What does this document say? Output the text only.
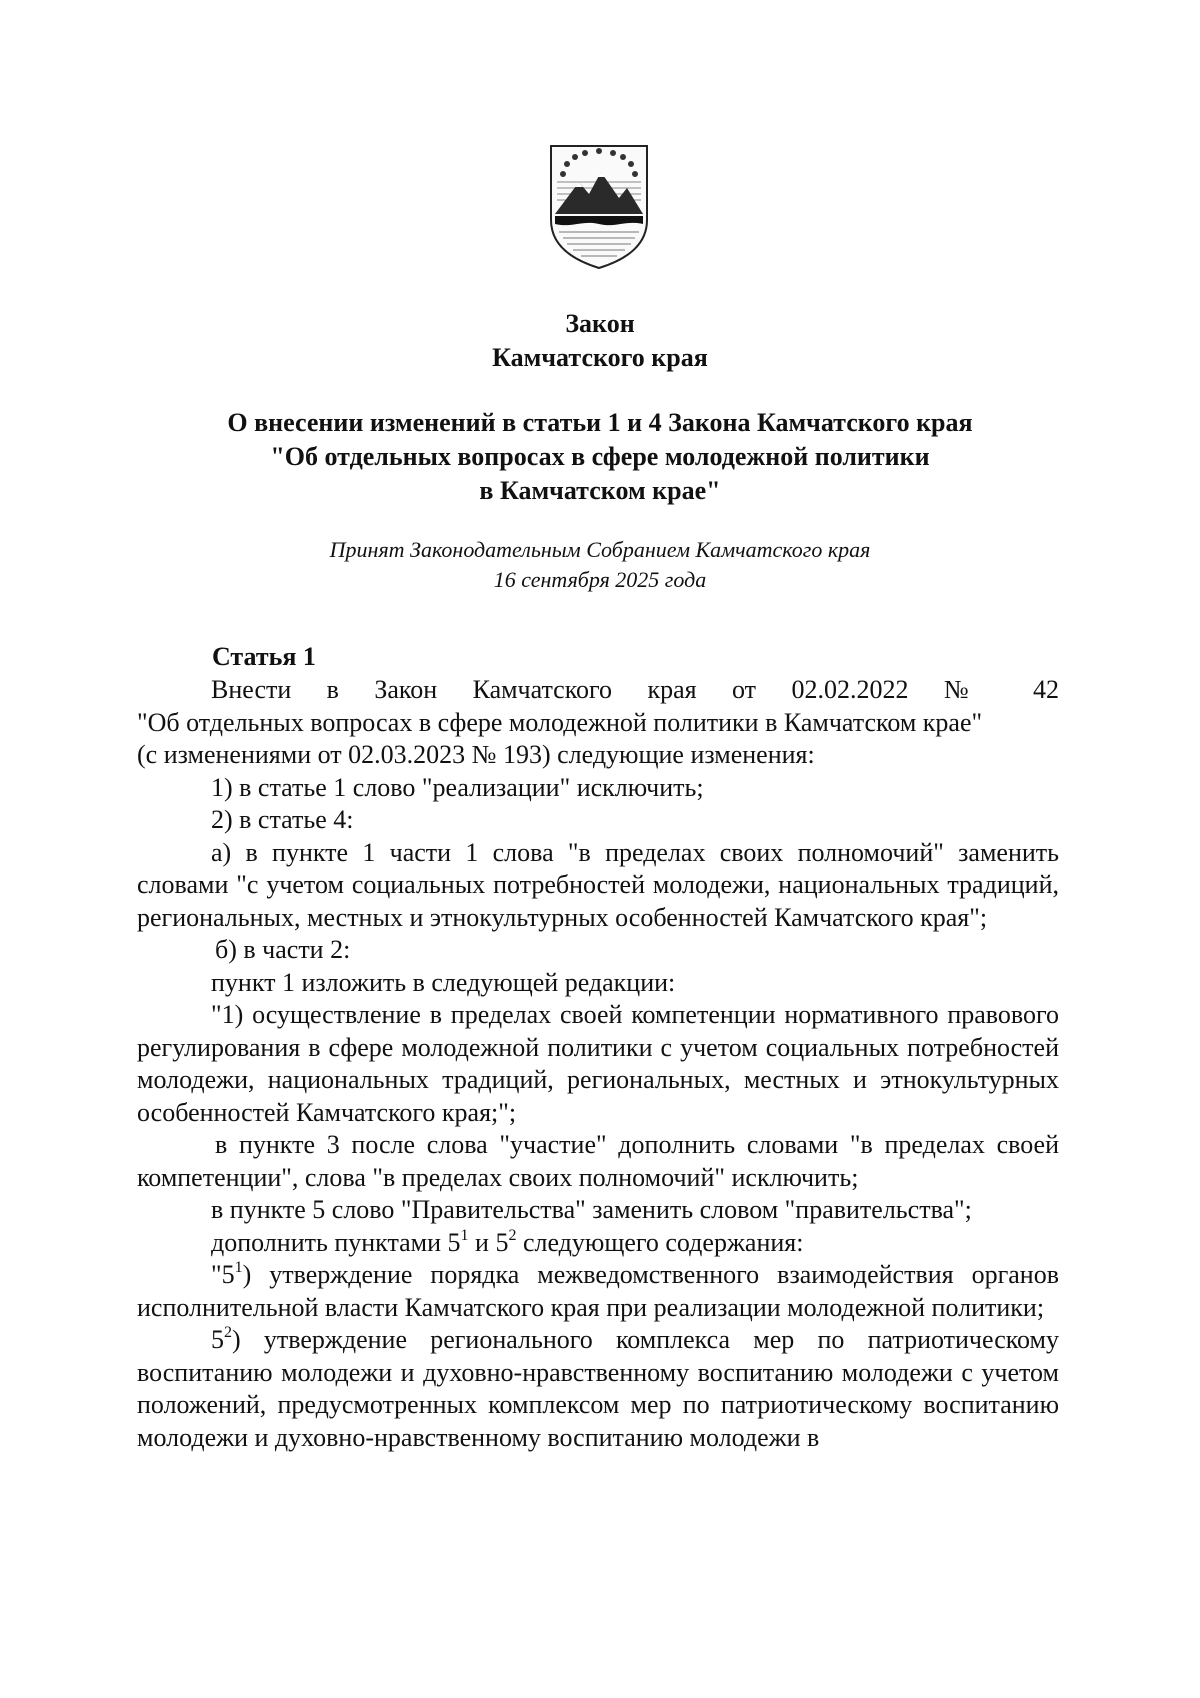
Закон
Камчатского края
О внесении изменений в статьи 1 и 4 Закона Камчатского края
"Об отдельных вопросах в сфере молодежной политики
в Камчатском крае"
Принят Законодательным Собранием Камчатского края
16 сентября 2025 года
Статья 1

Внести в Закон Камчатского края от 02.02.2022 № 42

"Об отдельных вопросах в сфере молодежной политики в Камчатском крае"

(с изменениями от 02.03.2023 № 193) следующие изменения:

1) в статье 1 слово "реализации" исключить;

2) в статье 4:

а) в пункте 1 части 1 слова "в пределах своих полномочий" заменить словами "с учетом социальных потребностей молодежи, национальных традиций, региональных, местных и этнокультурных особенностей Камчатского края";

б) в части 2:

пункт 1 изложить в следующей редакции:

"1) осуществление в пределах своей компетенции нормативного правового регулирования в сфере молодежной политики с учетом социальных потребностей молодежи, национальных традиций, региональных, местных и этнокультурных особенностей Камчатского края;";

в пункте 3 после слова "участие" дополнить словами "в пределах своей компетенции", слова "в пределах своих полномочий" исключить;

в пункте 5 слово "Правительства" заменить словом "правительства";

дополнить пунктами $5^1$ и $5^2$ следующего содержания:

"$5^1$) утверждение порядка межведомственного взаимодействия органов исполнительной власти Камчатского края при реализации молодежной политики;

$5^2$) утверждение регионального комплекса мер по патриотическому воспитанию молодежи и духовно-нравственному воспитанию молодежи с учетом положений, предусмотренных комплексом мер по патриотическому воспитанию молодежи и духовно-нравственному воспитанию молодежи в
